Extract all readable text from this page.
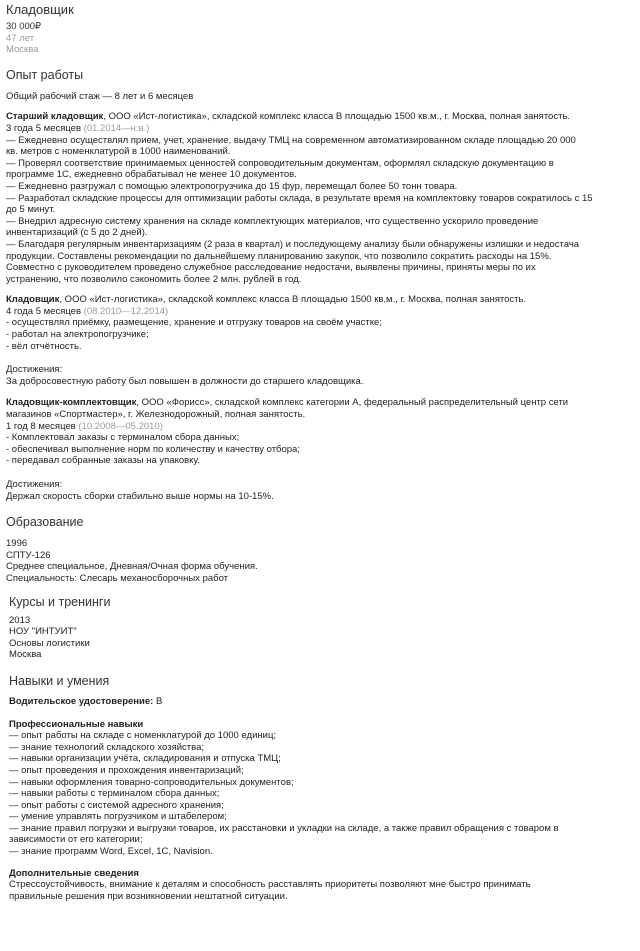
Кладовщик
30 000₽
47 лет
Москва
Опыт работы
Общий рабочий стаж — 8 лет и 6 месяцев
Старший кладовщик, ООО «Ист-логистика», складской комплекс класса В площадью 1500 кв.м., г. Москва, полная занятость.
3 года 5 месяцев (01.2014—н.в.)
— Ежедневно осуществлял прием, учет, хранение, выдачу ТМЦ на современном автоматизированном складе площадью 20 000
кв. метров с номенклатурой в 1000 наименований.
— Проверял соответствие принимаемых ценностей сопроводительным документам, оформлял складскую документацию в
программе 1С, ежедневно обрабатывал не менее 10 документов.
— Ежедневно разгружал с помощью электропогрузчика до 15 фур, перемещал более 50 тонн товара.
— Разработал складские процессы для оптимизации работы склада, в результате время на комплектовку товаров сократилось с 15
до 5 минут.
— Внедрил адресную систему хранения на складе комплектующих материалов, что существенно ускорило проведение
инвентаризаций (с 5 до 2 дней).
— Благодаря регулярным инвентаризациям (2 раза в квартал) и последующему анализу были обнаружены излишки и недостача
продукции. Составлены рекомендации по дальнейшему планированию закупок, что позволило сократить расходы на 15%.
Совместно с руководителем проведено служебное расследование недостачи, выявлены причины, приняты меры по их
устранению, что позволило сэкономить более 2 млн. рублей в год.
Кладовщик, ООО «Ист-логистика», складской комплекс класса В площадью 1500 кв.м., г. Москва, полная занятость.
4 года 5 месяцев (08.2010—12.2014)
- осуществлял приёмку, размещение, хранение и отгрузку товаров на своём участке;
- работал на электропогрузчике;
- вёл отчётность.
Достижения:
За добросовестную работу был повышен в должности до старшего кладовщика.
Кладовщик-комплектовщик, ООО «Форисс», складской комплекс категории А, федеральный распределительный центр сети
магазинов «Спортмастер», г. Железнодорожный, полная занятость.
1 год 8 месяцев (10.2008—05.2010)
- Комплектовал заказы с терминалом сбора данных;
- обеспечивал выполнение норм по количеству и качеству отбора;
- передавал собранные заказы на упаковку.
Достижения:
Держал скорость сборки стабильно выше нормы на 10-15%.
Образование
1996
СПТУ-126
Среднее специальное, Дневная/Очная форма обучения.
Специальность: Слесарь механосборочных работ
Курсы и тренинги
2013
НОУ "ИНТУИТ"
Основы логистики
Москва
Навыки и умения
Водительское удостоверение: B
Профессиональные навыки
— опыт работы на складе с номенклатурой до 1000 единиц;
— знание технологий складского хозяйства;
— навыки организации учёта, складирования и отпуска ТМЦ;
— опыт проведения и прохождения инвентаризаций;
— навыки оформления товарно-сопроводительных документов;
— навыки работы с терминалом сбора данных;
— опыт работы с системой адресного хранения;
— умение управлять погрузчиком и штабелером;
— знание правил погрузки и выгрузки товаров, их расстановки и укладки на складе, а также правил обращения с товаром в
зависимости от его категории;
— знание программ Word, Excel, 1С, Navision.
Дополнительные сведения
Стрессоустойчивость, внимание к деталям и способность расставлять приоритеты позволяют мне быстро принимать
правильные решения при возникновении нештатной ситуации.
